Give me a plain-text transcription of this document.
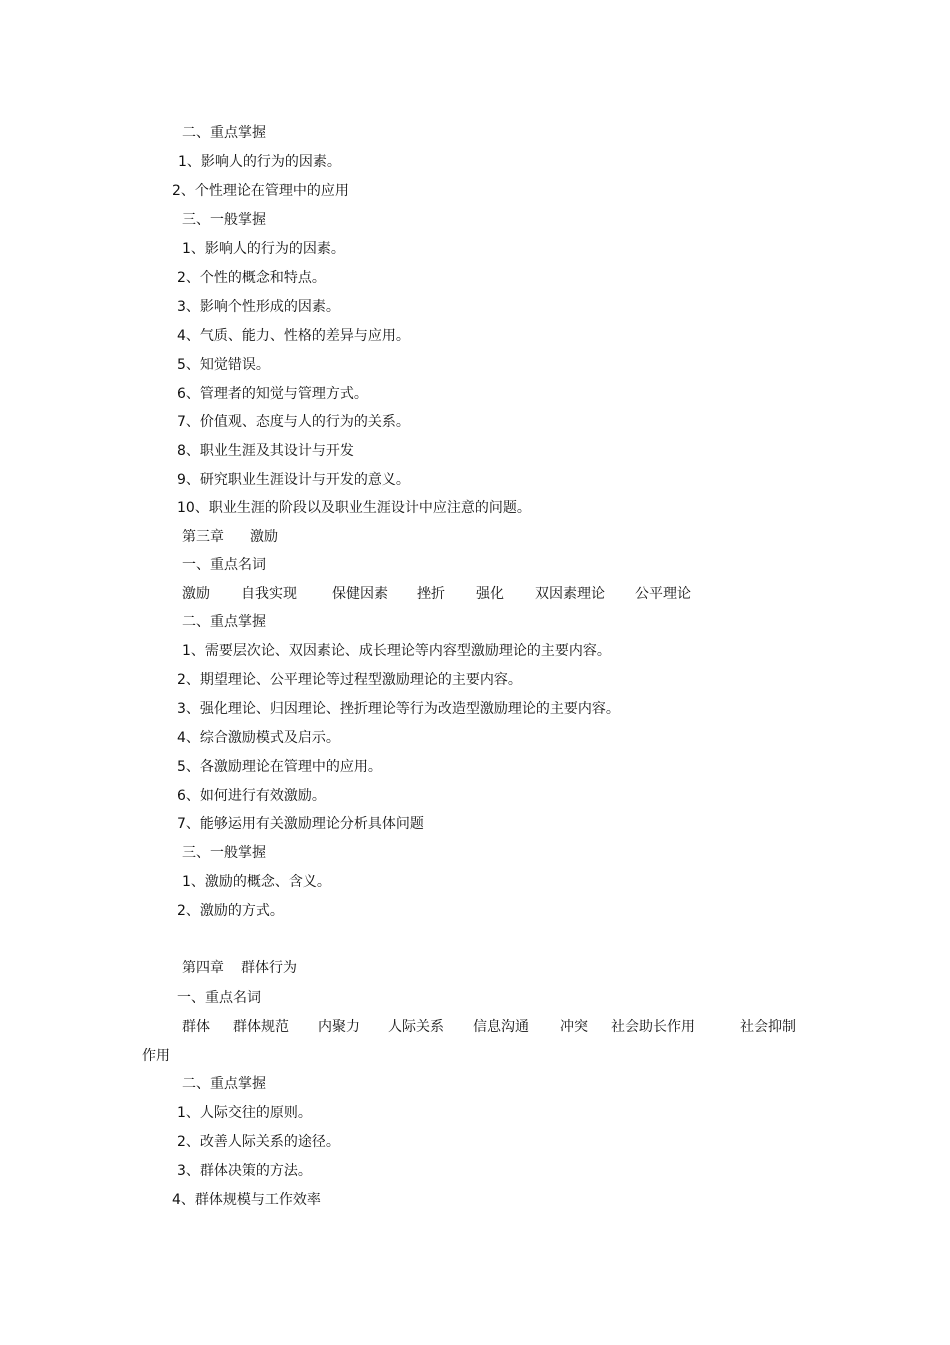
二、重点掌握
1、影响人的行为的因素。
2、个性理论在管理中的应用
三、一般掌握
1、影响人的行为的因素。
2、个性的概念和特点。
3、影响个性形成的因素。
4、气质、能力、性格的差异与应用。
5、知觉错误。
6、管理者的知觉与管理方式。
7、价值观、态度与人的行为的关系。
8、职业生涯及其设计与开发
9、研究职业生涯设计与开发的意义。
10、职业生涯的阶段以及职业生涯设计中应注意的问题。
第三章 激励
一、重点名词
激励 自我实现	保健因素 挫折 强化 双因素理论 公平理论
二、重点掌握
1、需要层次论、双因素论、成长理论等内容型激励理论的主要内容。
2、期望理论、公平理论等过程型激励理论的主要内容。
3、强化理论、归因理论、挫折理论等行为改造型激励理论的主要内容。
4、综合激励模式及启示。
5、各激励理论在管理中的应用。
6、如何进行有效激励。
7、能够运用有关激励理论分析具体问题
三、一般掌握
1、激励的概念、含义。
2、激励的方式。
第四章 群体行为
一、重点名词
群体 群体规范 内聚力 人际关系 信息沟通 冲突 社会助长作用	社会抑制
作用
二、重点掌握
1、人际交往的原则。
2、改善人际关系的途径。
3、群体决策的方法。
4、群体规模与工作效率
